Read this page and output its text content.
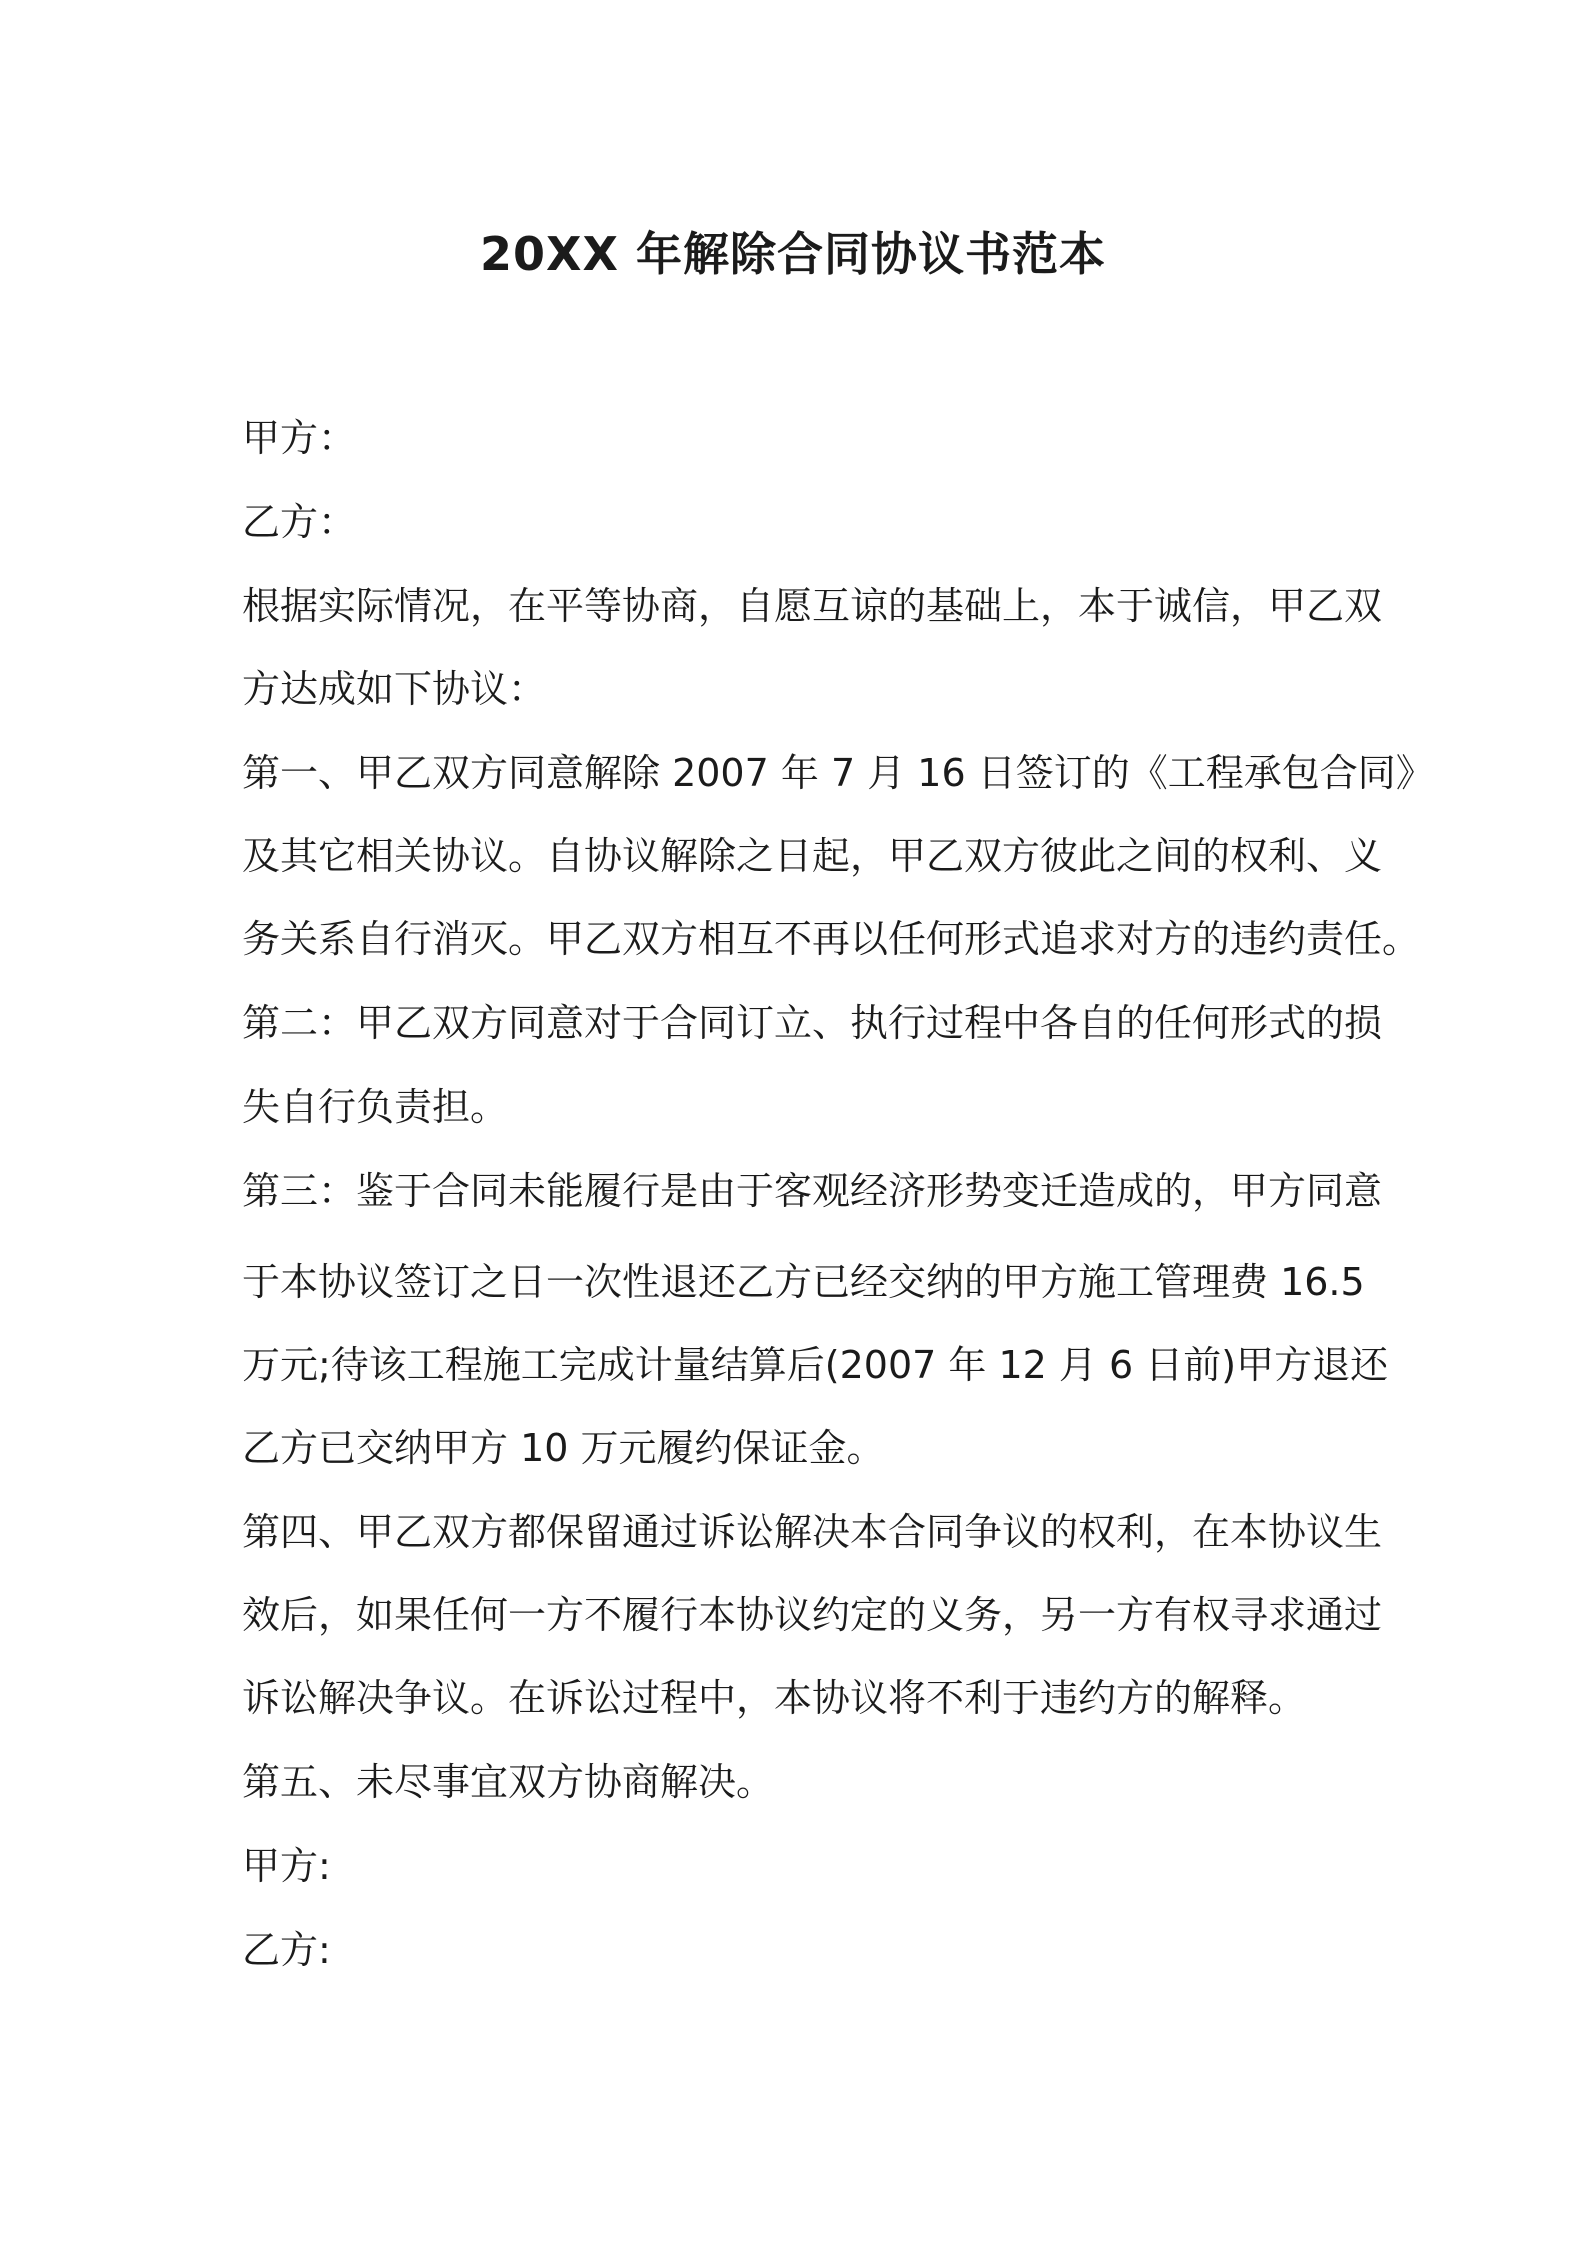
20XX 年解除合同协议书范本

甲方：

乙方：

根据实际情况，在平等协商，自愿互谅的基础上，本于诚信，甲乙双

方达成如下协议：

第一、甲乙双方同意解除 2007 年 7 月 16 日签订的《工程承包合同》

及其它相关协议。自协议解除之日起，甲乙双方彼此之间的权利、义

务关系自行消灭。甲乙双方相互不再以任何形式追求对方的违约责任。

第二：甲乙双方同意对于合同订立、执行过程中各自的任何形式的损

失自行负责担。

第三：鉴于合同未能履行是由于客观经济形势变迁造成的，甲方同意

于本协议签订之日一次性退还乙方已经交纳的甲方施工管理费 16.5

万元;待该工程施工完成计量结算后(2007 年 12 月 6 日前)甲方退还

乙方已交纳甲方 10 万元履约保证金。

第四、甲乙双方都保留通过诉讼解决本合同争议的权利，在本协议生

效后，如果任何一方不履行本协议约定的义务，另一方有权寻求通过

诉讼解决争议。在诉讼过程中，本协议将不利于违约方的解释。

第五、未尽事宜双方协商解决。

甲方:

乙方:
